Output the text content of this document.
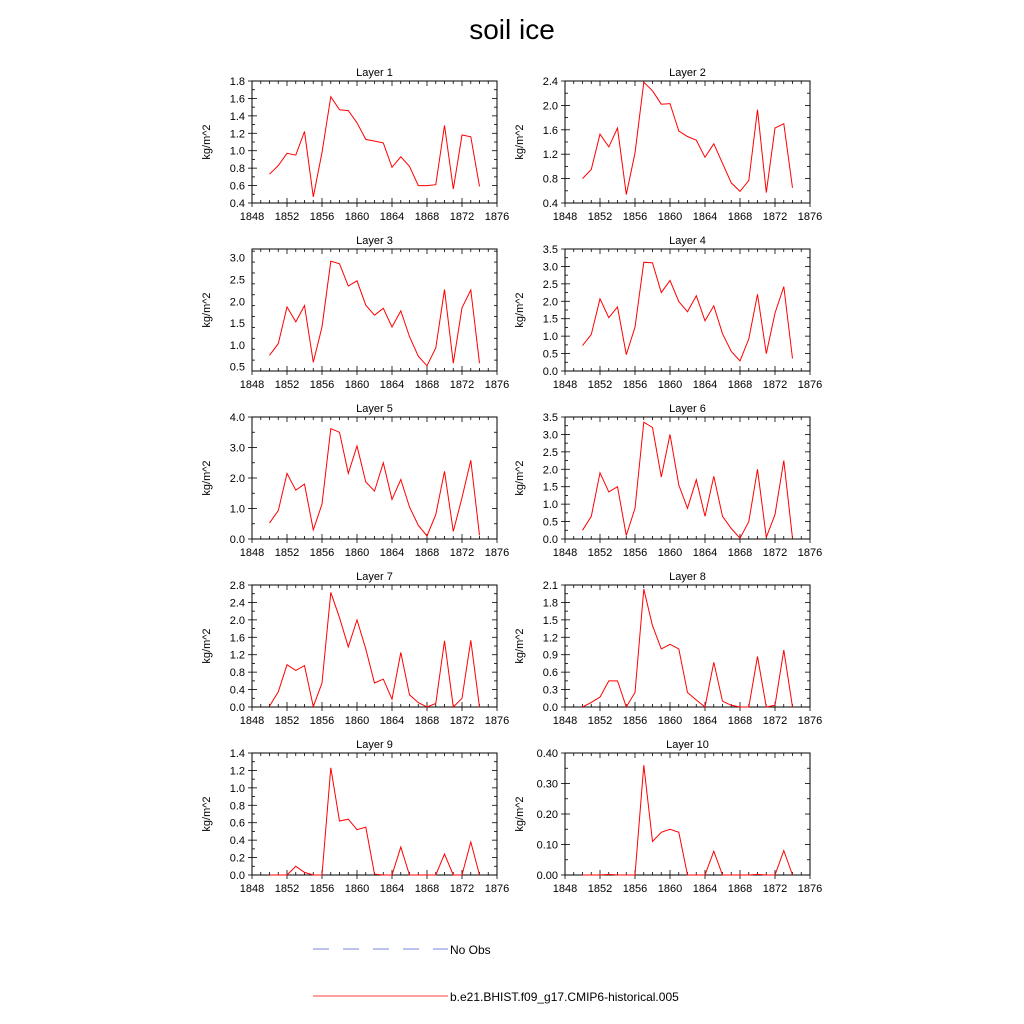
soil ice
Layer 1
1848 1852 1856 1860 1864 1868 1872 1876
0.4
0.6
0.8
1.0
1.2
1.4
1.6
1.8
kg/m^2
Layer 2
1848 1852 1856 1860 1864 1868 1872 1876
0.4
0.8
1.2
1.6
2.0
2.4
kg/m^2
Layer 3
1848 1852 1856 1860 1864 1868 1872 1876
0.5
1.0
1.5
2.0
2.5
3.0
kg/m^2
Layer 4
1848 1852 1856 1860 1864 1868 1872 1876
0.0
0.5
1.0
1.5
2.0
2.5
3.0
3.5
kg/m^2
Layer 5
1848 1852 1856 1860 1864 1868 1872 1876
0.0
1.0
2.0
3.0
4.0
kg/m^2
Layer 6
1848 1852 1856 1860 1864 1868 1872 1876
0.0
0.5
1.0
1.5
2.0
2.5
3.0
3.5
kg/m^2
Layer 7
1848 1852 1856 1860 1864 1868 1872 1876
0.0
0.4
0.8
1.2
1.6
2.0
2.4
2.8
kg/m^2
Layer 8
1848 1852 1856 1860 1864 1868 1872 1876
0.0
0.3
0.6
0.9
1.2
1.5
1.8
2.1
kg/m^2
Layer 9
1848 1852 1856 1860 1864 1868 1872 1876
0.0
0.2
0.4
0.6
0.8
1.0
1.2
1.4
kg/m^2
Layer 10
1848 1852 1856 1860 1864 1868 1872 1876
0.00
0.10
0.20
0.30
0.40
kg/m^2
No Obs
b.e21.BHIST.f09_g17.CMIP6-historical.005
